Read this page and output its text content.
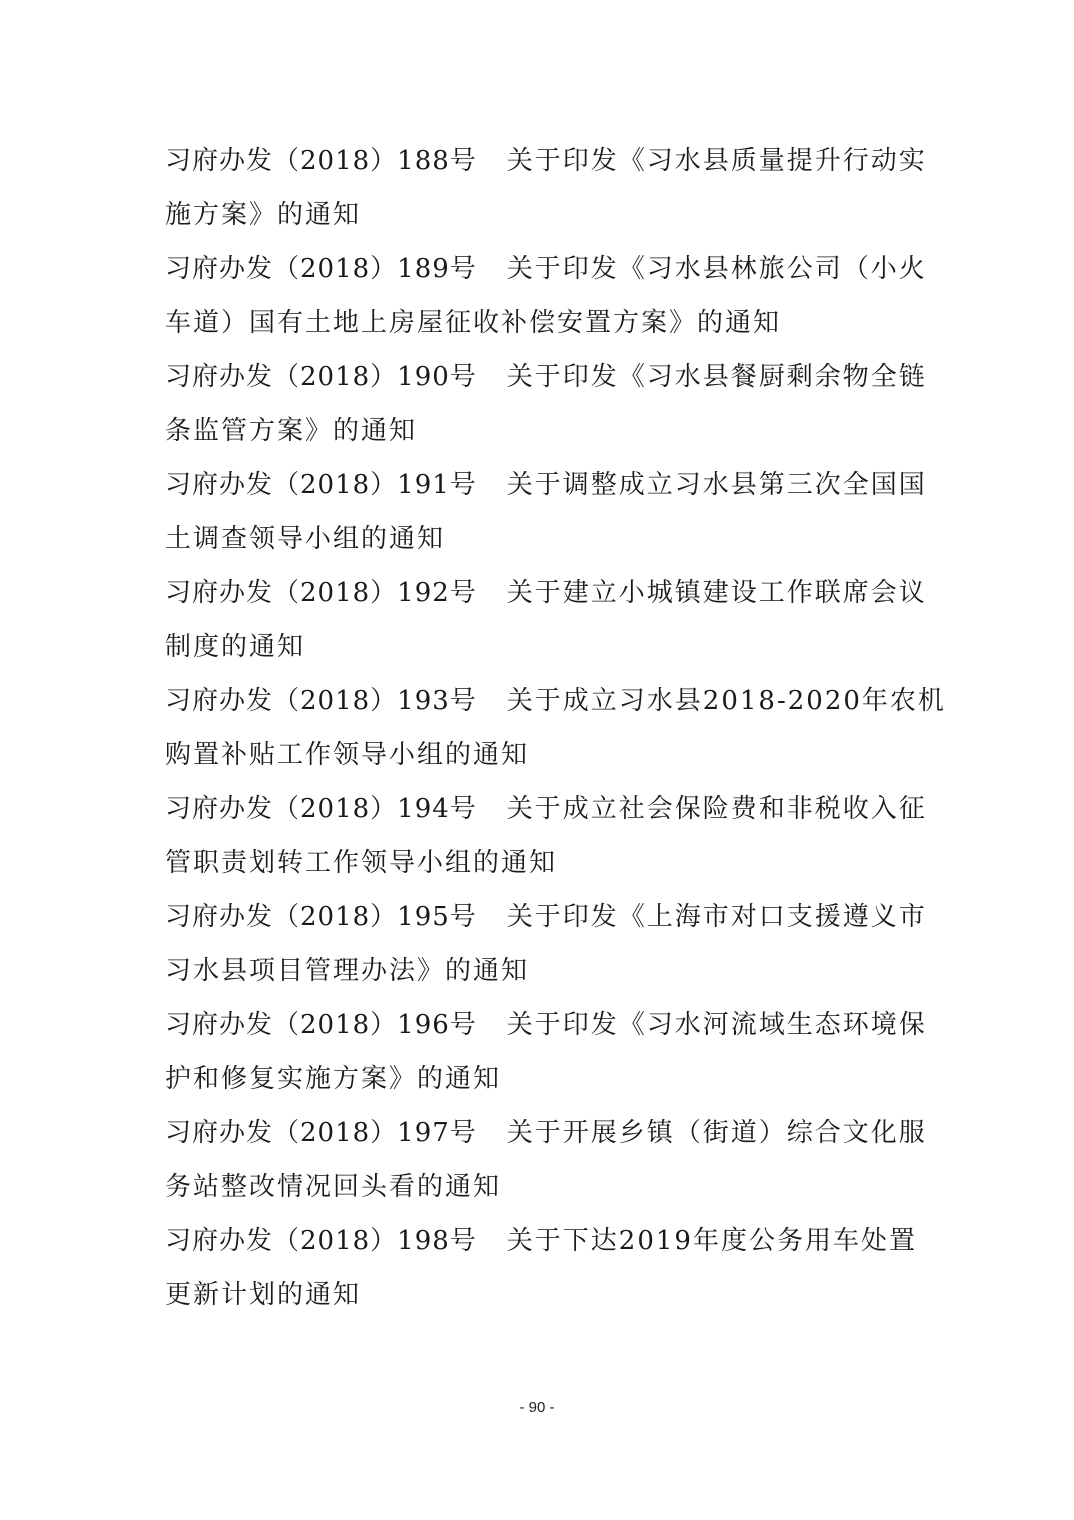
习府办发（2018）188号 关于印发《习水县质量提升行动实
施方案》的通知
习府办发（2018）189号 关于印发《习水县林旅公司（小火
车道）国有土地上房屋征收补偿安置方案》的通知
习府办发（2018）190号 关于印发《习水县餐厨剩余物全链
条监管方案》的通知
习府办发（2018）191号 关于调整成立习水县第三次全国国
土调查领导小组的通知
习府办发（2018）192号 关于建立小城镇建设工作联席会议
制度的通知
习府办发（2018）193号 关于成立习水县2018-2020年农机
购置补贴工作领导小组的通知
习府办发（2018）194号 关于成立社会保险费和非税收入征
管职责划转工作领导小组的通知
习府办发（2018）195号 关于印发《上海市对口支援遵义市
习水县项目管理办法》的通知
习府办发（2018）196号 关于印发《习水河流域生态环境保
护和修复实施方案》的通知
习府办发（2018）197号 关于开展乡镇（街道）综合文化服
务站整改情况回头看的通知
习府办发（2018）198号 关于下达2019年度公务用车处置
更新计划的通知
- 90 -
